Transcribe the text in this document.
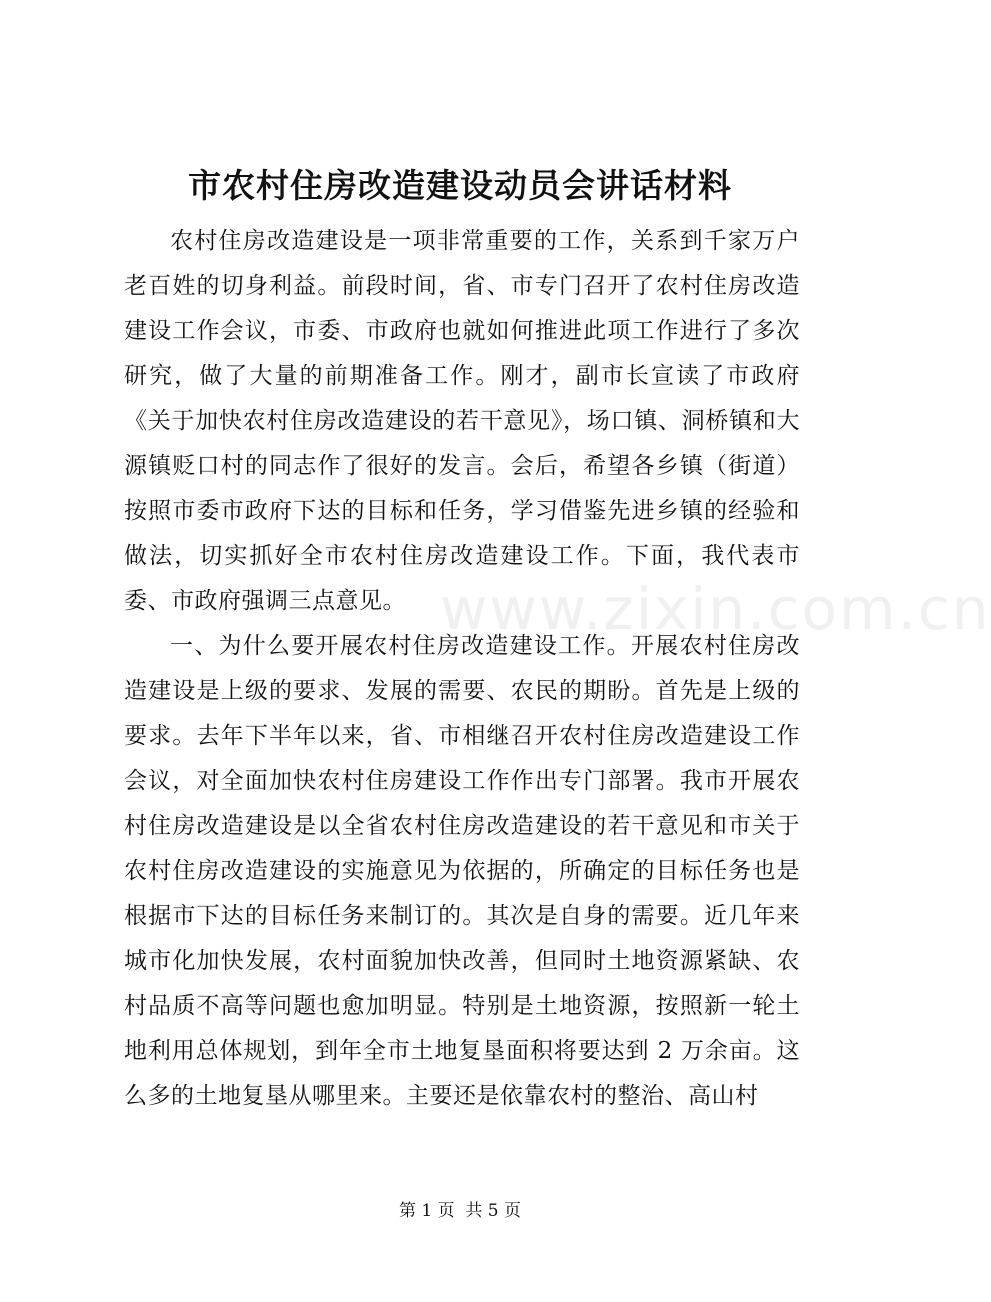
市农村住房改造建设动员会讲话材料

农村住房改造建设是一项非常重要的工作，关系到千家万户老百姓的切身利益。前段时间，省、市专门召开了农村住房改造建设工作会议，市委、市政府也就如何推进此项工作进行了多次研究，做了大量的前期准备工作。刚才，副市长宣读了市政府《关于加快农村住房改造建设的若干意见》，场口镇、洞桥镇和大源镇贬口村的同志作了很好的发言。会后，希望各乡镇（街道）按照市委市政府下达的目标和任务，学习借鉴先进乡镇的经验和做法，切实抓好全市农村住房改造建设工作。下面，我代表市委、市政府强调三点意见。

一、为什么要开展农村住房改造建设工作。开展农村住房改造建设是上级的要求、发展的需要、农民的期盼。首先是上级的要求。去年下半年以来，省、市相继召开农村住房改造建设工作会议，对全面加快农村住房建设工作作出专门部署。我市开展农村住房改造建设是以全省农村住房改造建设的若干意见和市关于农村住房改造建设的实施意见为依据的，所确定的目标任务也是根据市下达的目标任务来制订的。其次是自身的需要。近几年来城市化加快发展，农村面貌加快改善，但同时土地资源紧缺、农村品质不高等问题也愈加明显。特别是土地资源，按照新一轮土地利用总体规划，到年全市土地复垦面积将要达到 2 万余亩。这么多的土地复垦从哪里来。主要还是依靠农村的整治、高山村

www.zixin.com.cn
第 1 页  共 5 页
